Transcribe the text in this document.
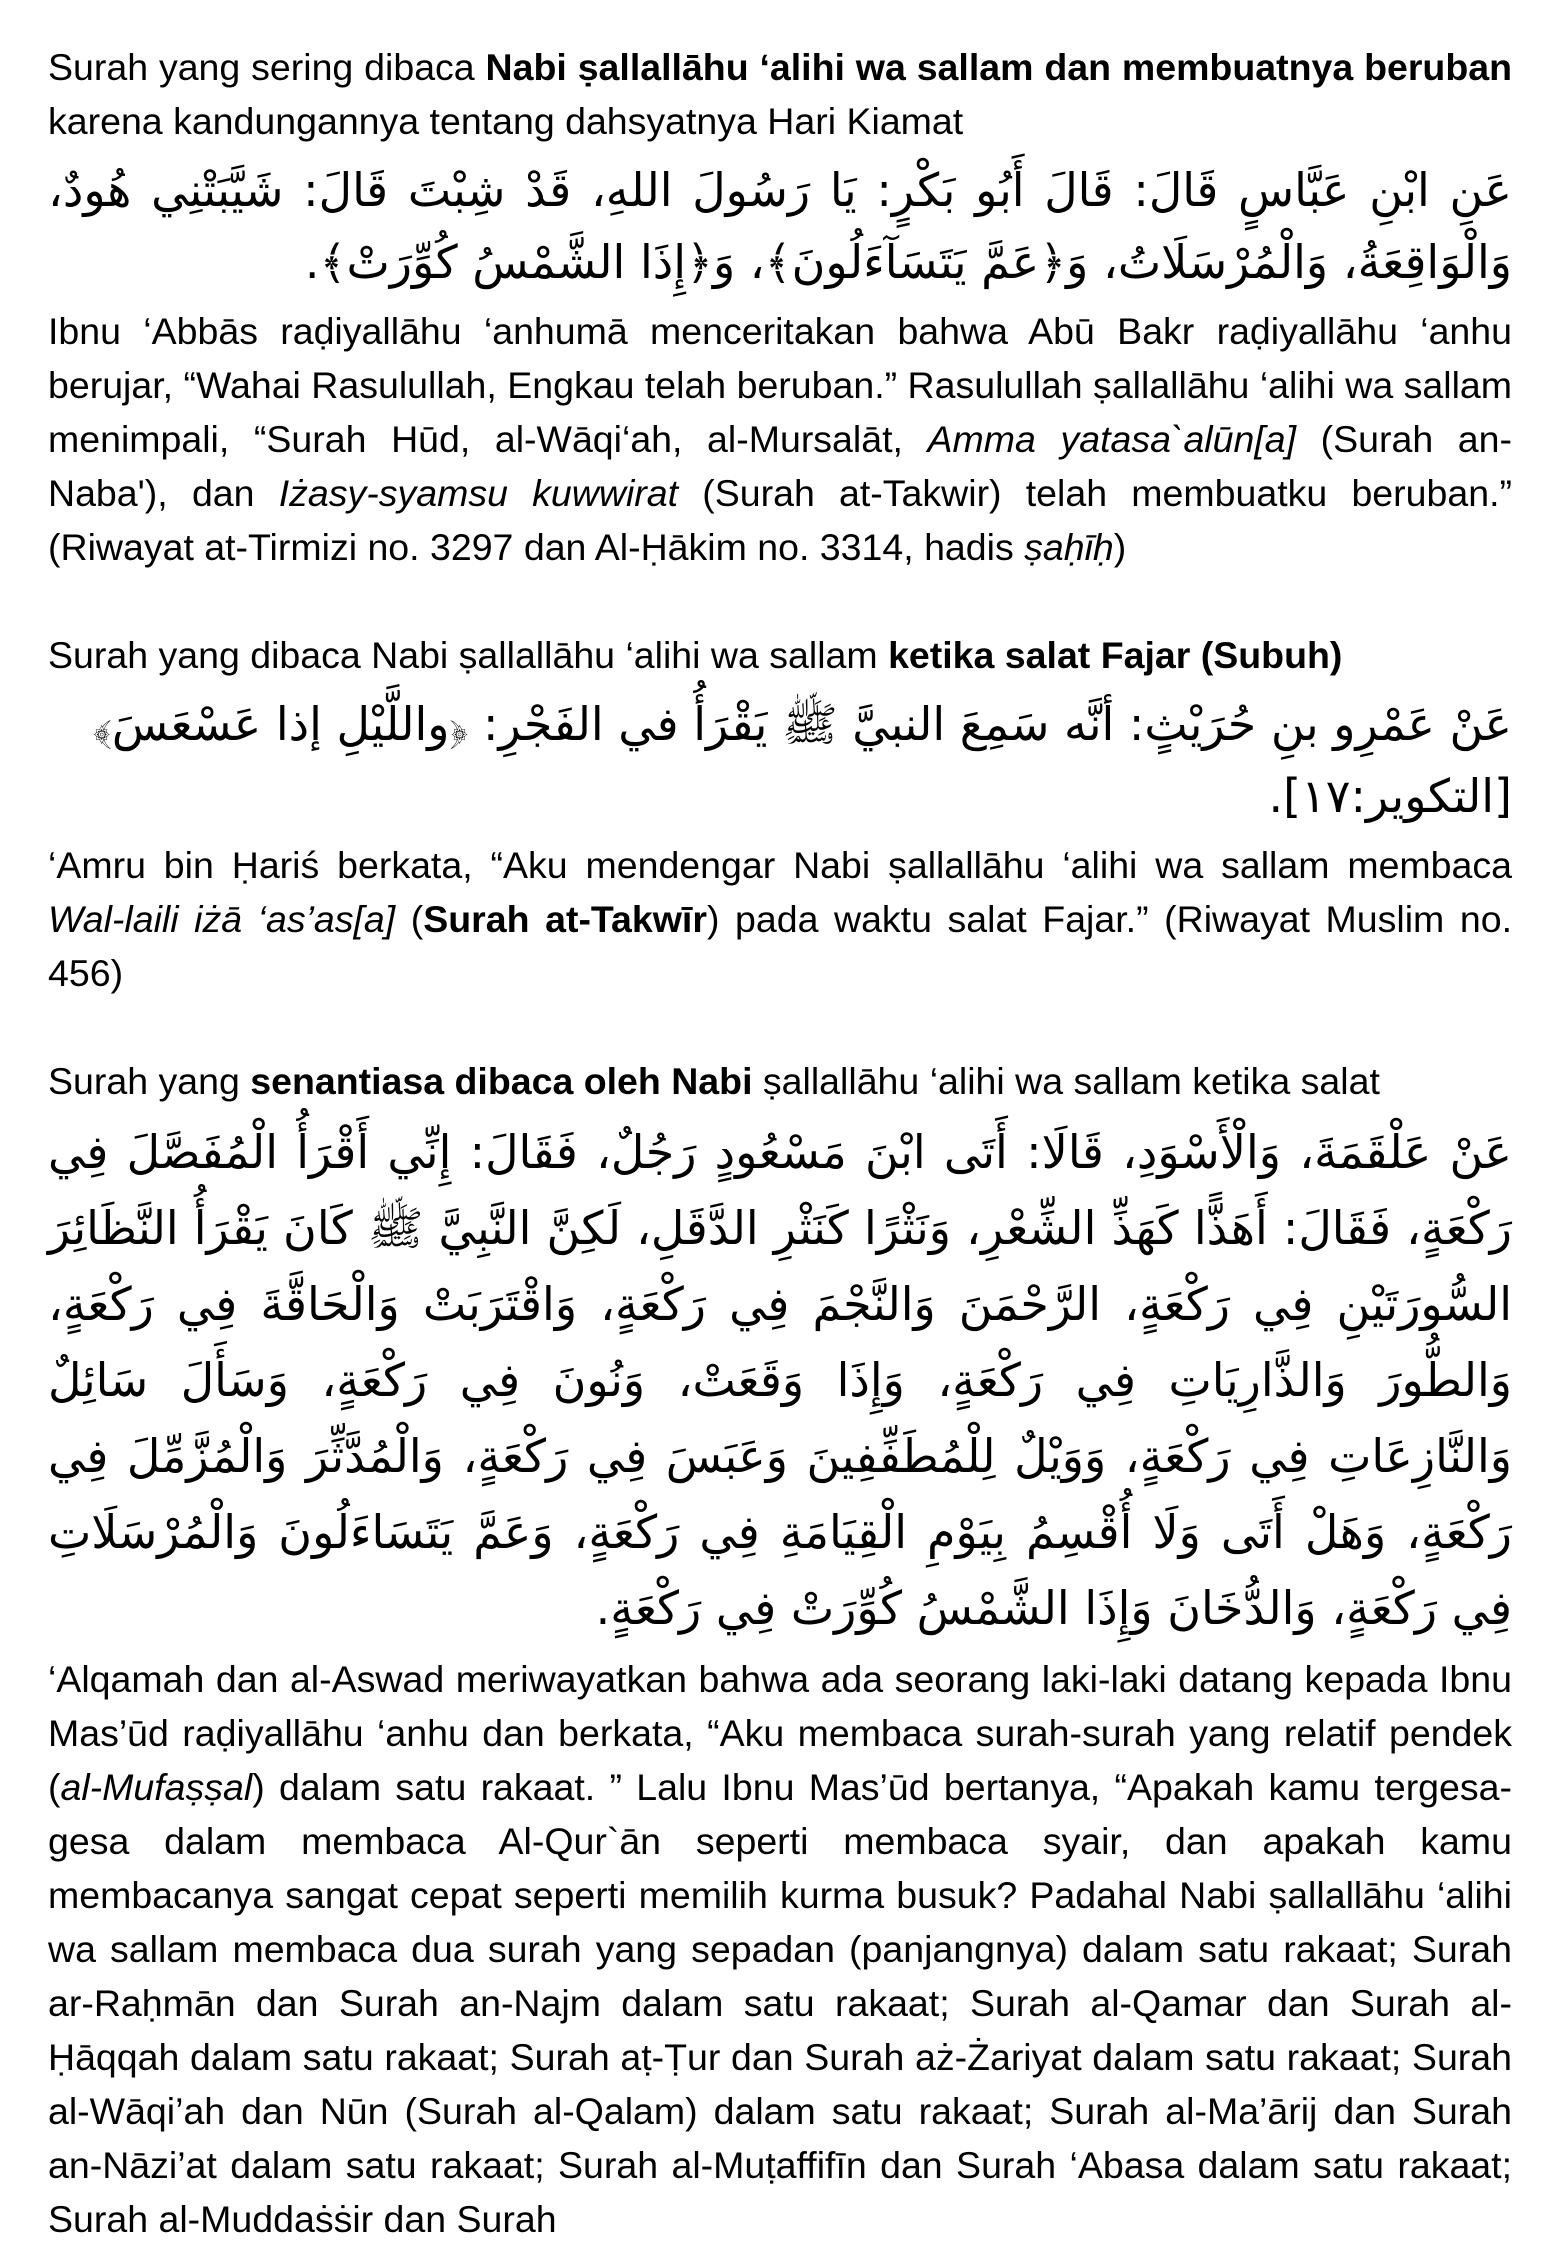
Surah yang sering dibaca Nabi ṣallallāhu ‘alihi wa sallam dan membuatnya beruban karena kandungannya tentang dahsyatnya Hari Kiamat

عَنِ ابْنِ عَبَّاسٍ قَالَ: قَالَ أَبُو بَكْرٍ: يَا رَسُولَ اللهِ، قَدْ شِبْتَ قَالَ: شَيَّبَتْنِي هُودٌ، وَالْوَاقِعَةُ، وَالْمُرْسَلَاتُ، وَ﴿عَمَّ يَتَسَآءَلُونَ﴾، وَ﴿إِذَا الشَّمْسُ كُوِّرَتْ﴾.

Ibnu ‘Abbās raḍiyallāhu ‘anhumā menceritakan bahwa Abū Bakr raḍiyallāhu ‘anhu berujar, “Wahai Rasulullah, Engkau telah beruban.” Rasulullah ṣallallāhu ‘alihi wa sallam menimpali, “Surah Hūd, al-Wāqi‘ah, al-Mursalāt, Amma yatasa`alūn[a] (Surah an-Naba'), dan Iżasy-syamsu kuwwirat (Surah at-Takwir) telah membuatku beruban.” (Riwayat at-Tirmizi no. 3297 dan Al-Ḥākim no. 3314, hadis ṣaḥīḥ)

Surah yang dibaca Nabi ṣallallāhu ‘alihi wa sallam ketika salat Fajar (Subuh)

عَنْ عَمْرِو بنِ حُرَيْثٍ: أنَّه سَمِعَ النبيَّ ﷺ يَقْرَأُ في الفَجْرِ: ﴿واللَّيْلِ إذا عَسْعَسَ﴾ [التكوير:١٧].

‘Amru bin Ḥariś berkata, “Aku mendengar Nabi ṣallallāhu ‘alihi wa sallam membaca Wal-laili iżā ‘as’as[a] (Surah at-Takwīr) pada waktu salat Fajar.” (Riwayat Muslim no. 456)

Surah yang senantiasa dibaca oleh Nabi ṣallallāhu ‘alihi wa sallam ketika salat

عَنْ عَلْقَمَةَ، وَالْأَسْوَدِ، قَالَا: أَتَى ابْنَ مَسْعُودٍ رَجُلٌ، فَقَالَ: إِنِّي أَقْرَأُ الْمُفَصَّلَ فِي رَكْعَةٍ، فَقَالَ: أَهَذًّا كَهَذِّ الشِّعْرِ، وَنَثْرًا كَنَثْرِ الدَّقَلِ، لَكِنَّ النَّبِيَّ ﷺ كَانَ يَقْرَأُ النَّظَائِرَ السُّورَتَيْنِ فِي رَكْعَةٍ، الرَّحْمَنَ وَالنَّجْمَ فِي رَكْعَةٍ، وَاقْتَرَبَتْ وَالْحَاقَّةَ فِي رَكْعَةٍ، وَالطُّورَ وَالذَّارِيَاتِ فِي رَكْعَةٍ، وَإِذَا وَقَعَتْ، وَنُونَ فِي رَكْعَةٍ، وَسَأَلَ سَائِلٌ وَالنَّازِعَاتِ فِي رَكْعَةٍ، وَوَيْلٌ لِلْمُطَفِّفِينَ وَعَبَسَ فِي رَكْعَةٍ، وَالْمُدَّثِّرَ وَالْمُزَّمِّلَ فِي رَكْعَةٍ، وَهَلْ أَتَى وَلَا أُقْسِمُ بِيَوْمِ الْقِيَامَةِ فِي رَكْعَةٍ، وَعَمَّ يَتَسَاءَلُونَ وَالْمُرْسَلَاتِ فِي رَكْعَةٍ، وَالدُّخَانَ وَإِذَا الشَّمْسُ كُوِّرَتْ فِي رَكْعَةٍ.

‘Alqamah dan al-Aswad meriwayatkan bahwa ada seorang laki-laki datang kepada Ibnu Mas’ūd raḍiyallāhu ‘anhu dan berkata, “Aku membaca surah-surah yang relatif pendek (al-Mufaṣṣal) dalam satu rakaat. ” Lalu Ibnu Mas’ūd bertanya, “Apakah kamu tergesa-gesa dalam membaca Al-Qur`ān seperti membaca syair, dan apakah kamu membacanya sangat cepat seperti memilih kurma busuk? Padahal Nabi ṣallallāhu ‘alihi wa sallam membaca dua surah yang sepadan (panjangnya) dalam satu rakaat; Surah ar-Raḥmān dan Surah an-Najm dalam satu rakaat; Surah al-Qamar dan Surah al-Ḥāqqah dalam satu rakaat; Surah aṭ-Ṭur dan Surah aż-Żariyat dalam satu rakaat; Surah al-Wāqi’ah dan Nūn (Surah al-Qalam) dalam satu rakaat; Surah al-Ma’ārij dan Surah an-Nāzi’at dalam satu rakaat; Surah al-Muṭaffifīn dan Surah ‘Abasa dalam satu rakaat; Surah al-Muddaṡṡir dan Surah
